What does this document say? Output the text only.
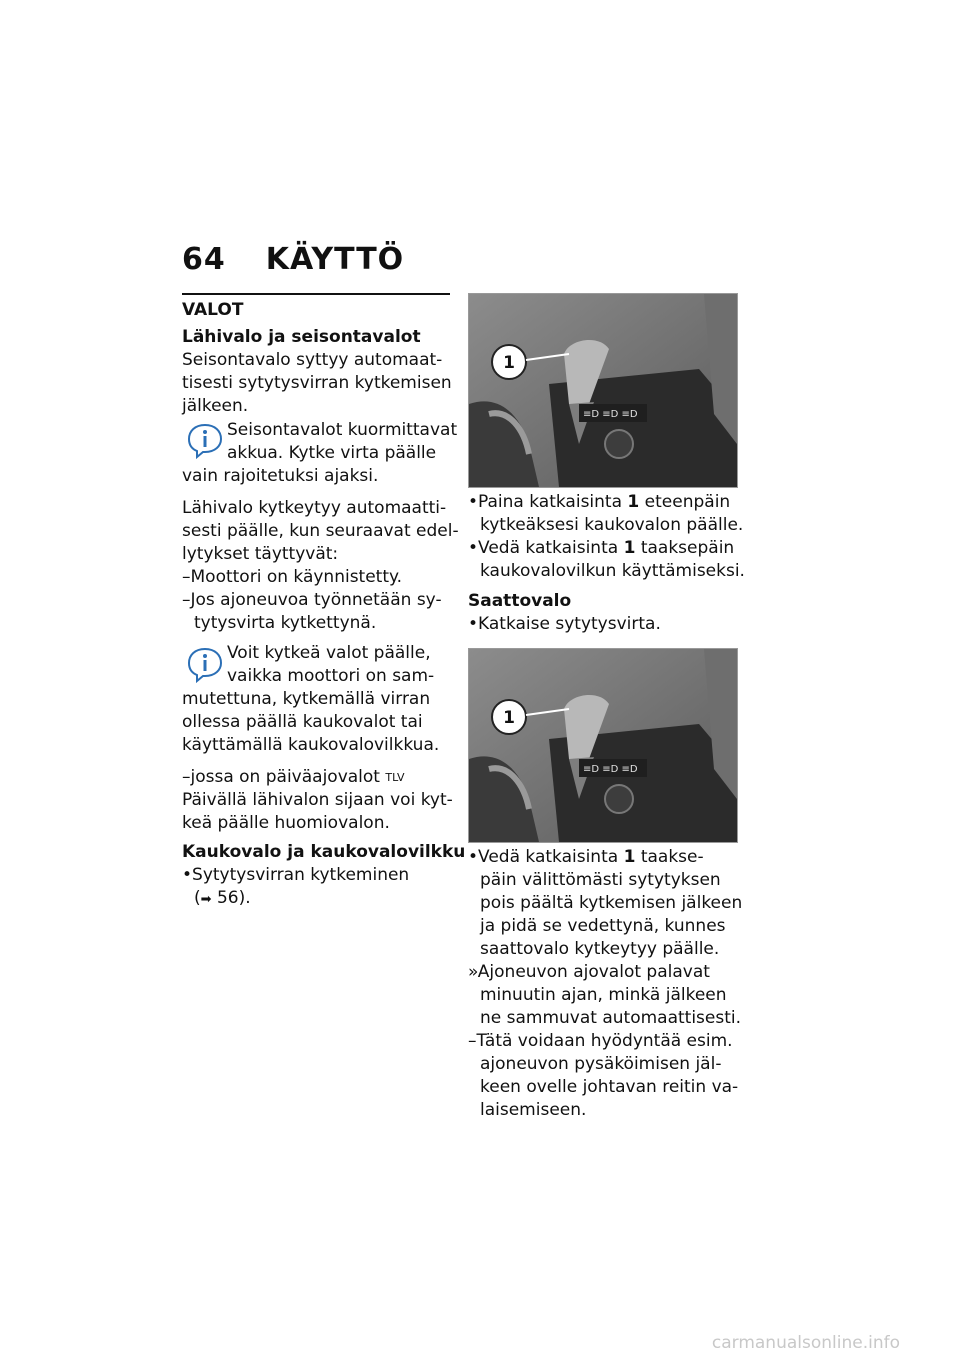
64 KÄYTTÖ
VALOT
Lähivalo ja seisontavalot
Seisontavalo syttyy automaat-
tisesti sytytysvirran kytkemisen
jälkeen.
Seisontavalot kuormittavat
akkua. Kytke virta päälle
vain rajoitetuksi ajaksi.
Lähivalo kytkeytyy automaatti-
sesti päälle, kun seuraavat edel-
lytykset täyttyvät:
–Moottori on käynnistetty.
–Jos ajoneuvoa työnnetään sy-
tytysvirta kytkettynä.
Voit kytkeä valot päälle,
vaikka moottori on sam-
mutettuna, kytkemällä virran
ollessa päällä kaukovalot tai
käyttämällä kaukovalovilkkua.
–jossa on päiväajovalot $^{TLV}$
Päivällä lähivalon sijaan voi kyt-
keä päälle huomiovalon.
Kaukovalo ja kaukovalovilkku
•Sytytysvirran kytkeminen
(➡ 56).
≡D ≡D ≡D
1
•Paina katkaisinta 1 eteenpäin
kytkeäksesi kaukovalon päälle.
•Vedä katkaisinta 1 taaksepäin
kaukovalovilkun käyttämiseksi.
Saattovalo
•Katkaise sytytysvirta.
≡D ≡D ≡D
1
•Vedä katkaisinta 1 taakse-
päin välittömästi sytytyksen
pois päältä kytkemisen jälkeen
ja pidä se vedettynä, kunnes
saattovalo kytkeytyy päälle.
»Ajoneuvon ajovalot palavat
minuutin ajan, minkä jälkeen
ne sammuvat automaattisesti.
–Tätä voidaan hyödyntää esim.
ajoneuvon pysäköimisen jäl-
keen ovelle johtavan reitin va-
laisemiseen.
carmanualsonline.info
